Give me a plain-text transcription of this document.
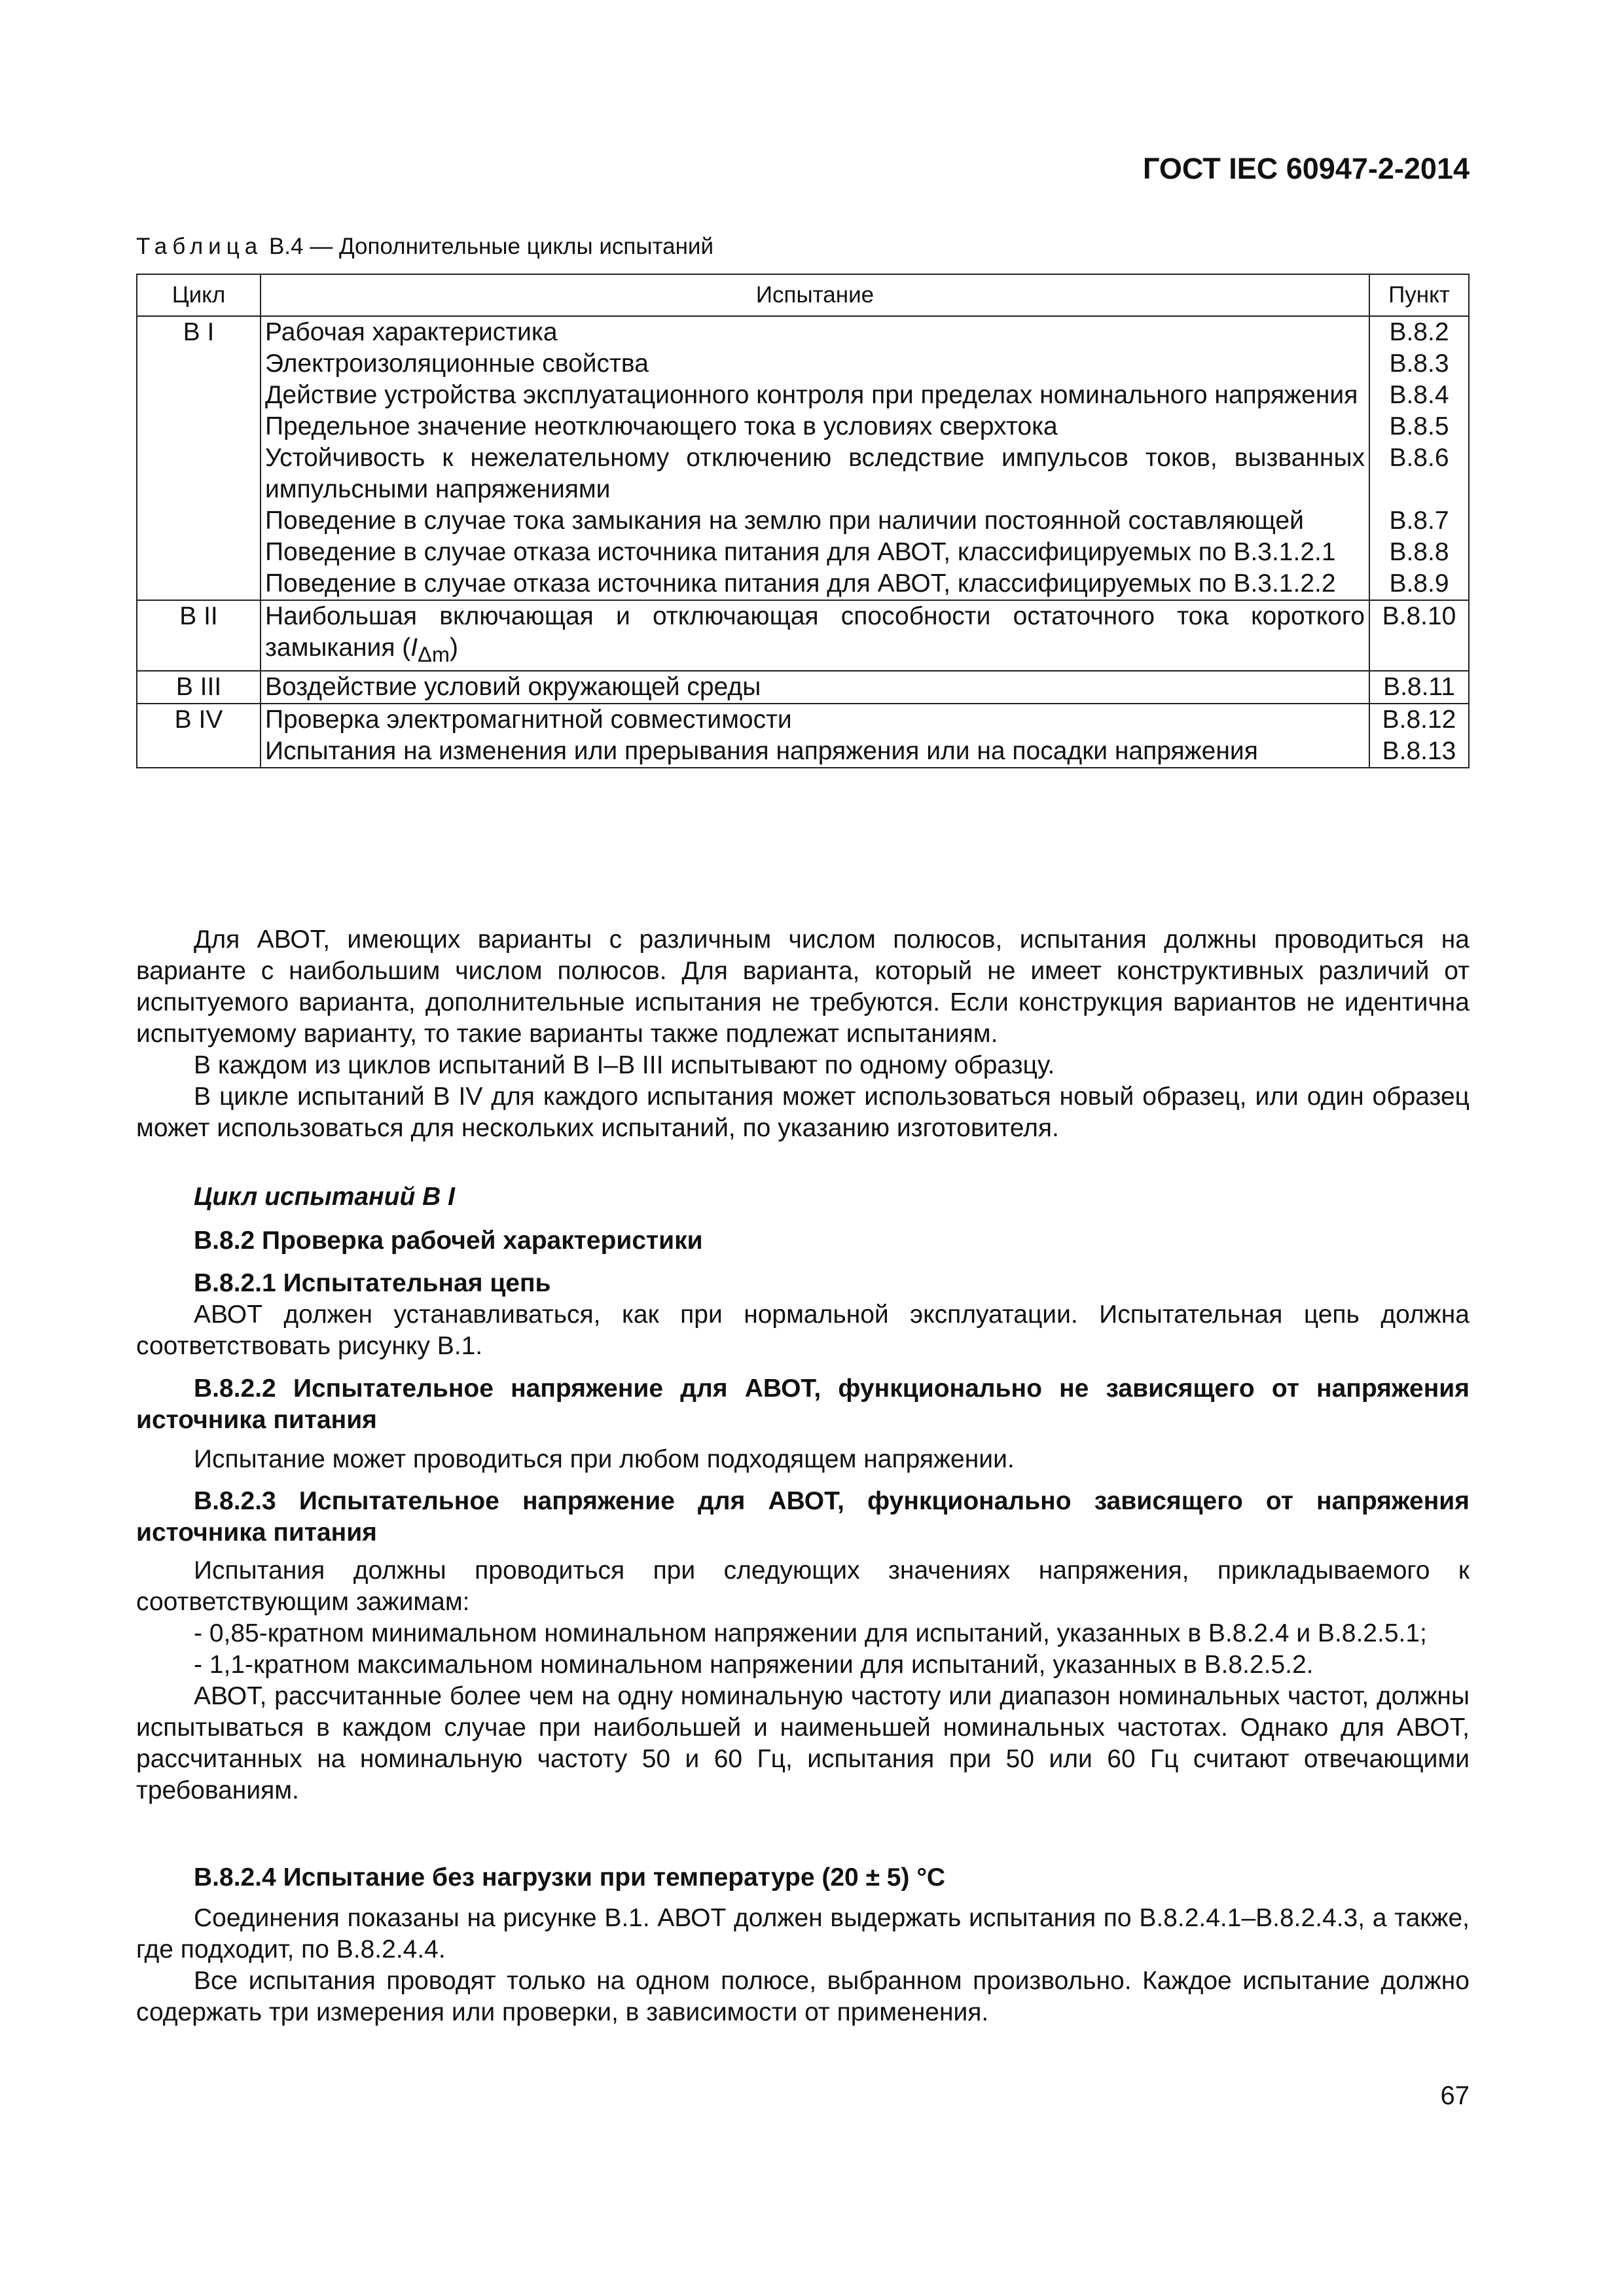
ГОСТ IEC 60947-2-2014
Таблица B.4 — Дополнительные циклы испытаний
Цикл	Испытание	Пункт
B I	Рабочая характеристика	B.8.2
	Электроизоляционные свойства	B.8.3
	Действие устройства эксплуатационного контроля при пределах номинального напряжения	B.8.4
	Предельное значение неотключающего тока в условиях сверхтока	B.8.5
	Устойчивость к нежелательному отключению вследствие импульсов токов, вызванных импульсными напряжениями	B.8.6
	Поведение в случае тока замыкания на землю при наличии постоянной составляющей	B.8.7
	Поведение в случае отказа источника питания для АВОТ, классифицируемых по B.3.1.2.1	B.8.8
	Поведение в случае отказа источника питания для АВОТ, классифицируемых по B.3.1.2.2	B.8.9
B II	Наибольшая включающая и отключающая способности остаточного тока короткого замыкания $(I_{\Delta m})$	B.8.10
B III	Воздействие условий окружающей среды	B.8.11
B IV	Проверка электромагнитной совместимости	B.8.12
	Испытания на изменения или прерывания напряжения или на посадки напряжения	B.8.13

Для АВОТ, имеющих варианты с различным числом полюсов, испытания должны проводиться на варианте с наибольшим числом полюсов. Для варианта, который не имеет конструктивных различий от испытуемого варианта, дополнительные испытания не требуются. Если конструкция вариантов не идентична испытуемому варианту, то такие варианты также подлежат испытаниям.

В каждом из циклов испытаний B I–B III испытывают по одному образцу.

В цикле испытаний B IV для каждого испытания может использоваться новый образец, или один образец может использоваться для нескольких испытаний, по указанию изготовителя.

Цикл испытаний B I

B.8.2 Проверка рабочей характеристики

B.8.2.1 Испытательная цепь

АВОТ должен устанавливаться, как при нормальной эксплуатации. Испытательная цепь должна соответствовать рисунку B.1.

B.8.2.2 Испытательное напряжение для АВОТ, функционально не зависящего от напряжения источника питания

Испытание может проводиться при любом подходящем напряжении.

B.8.2.3 Испытательное напряжение для АВОТ, функционально зависящего от напряжения источника питания

Испытания должны проводиться при следующих значениях напряжения, прикладываемого к соответствующим зажимам:

- 0,85-кратном минимальном номинальном напряжении для испытаний, указанных в B.8.2.4 и B.8.2.5.1;

- 1,1-кратном максимальном номинальном напряжении для испытаний, указанных в B.8.2.5.2.

АВОТ, рассчитанные более чем на одну номинальную частоту или диапазон номинальных частот, должны испытываться в каждом случае при наибольшей и наименьшей номинальных частотах. Однако для АВОТ, рассчитанных на номинальную частоту 50 и 60 Гц, испытания при 50 или 60 Гц считают отвечающими требованиям.

B.8.2.4 Испытание без нагрузки при температуре (20 ± 5) °C

Соединения показаны на рисунке B.1. АВОТ должен выдержать испытания по B.8.2.4.1–B.8.2.4.3, а также, где подходит, по B.8.2.4.4.

Все испытания проводят только на одном полюсе, выбранном произвольно. Каждое испытание должно содержать три измерения или проверки, в зависимости от применения.

67
